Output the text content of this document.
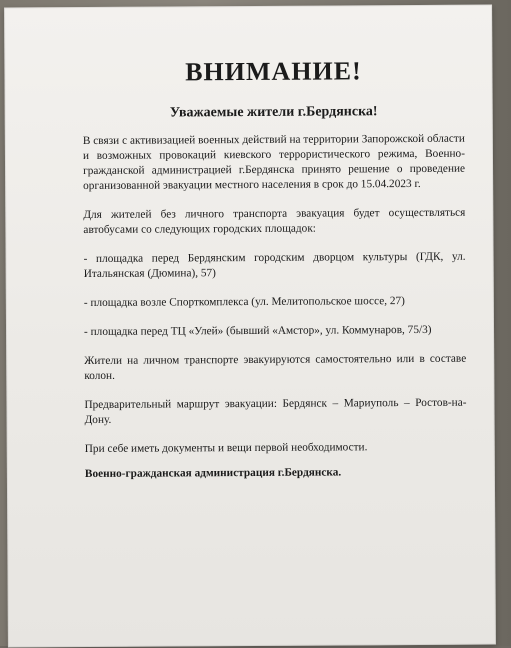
ВНИМАНИЕ!
Уважаемые жители г.Бердянска!
В связи с активизацией военных действий на территории Запорожской области и возможных провокаций киевского террористического режима, Военно-гражданской администрацией г.Бердянска принято решение о проведение организованной эвакуации местного населения в срок до 15.04.2023 г.
Для жителей без личного транспорта эвакуация будет осуществляться автобусами со следующих городских площадок:
- площадка перед Бердянским городским дворцом культуры (ГДК, ул. Итальянская (Дюмина), 57)
- площадка возле Спорткомплекса (ул. Мелитопольское шоссе, 27)
- площадка перед ТЦ «Улей» (бывший «Амстор», ул. Коммунаров, 75/3)
Жители на личном транспорте эвакуируются самостоятельно или в составе колон.
Предварительный маршрут эвакуации: Бердянск – Мариуполь – Ростов-на-Дону.
При себе иметь документы и вещи первой необходимости.
Военно-гражданская администрация г.Бердянска.
